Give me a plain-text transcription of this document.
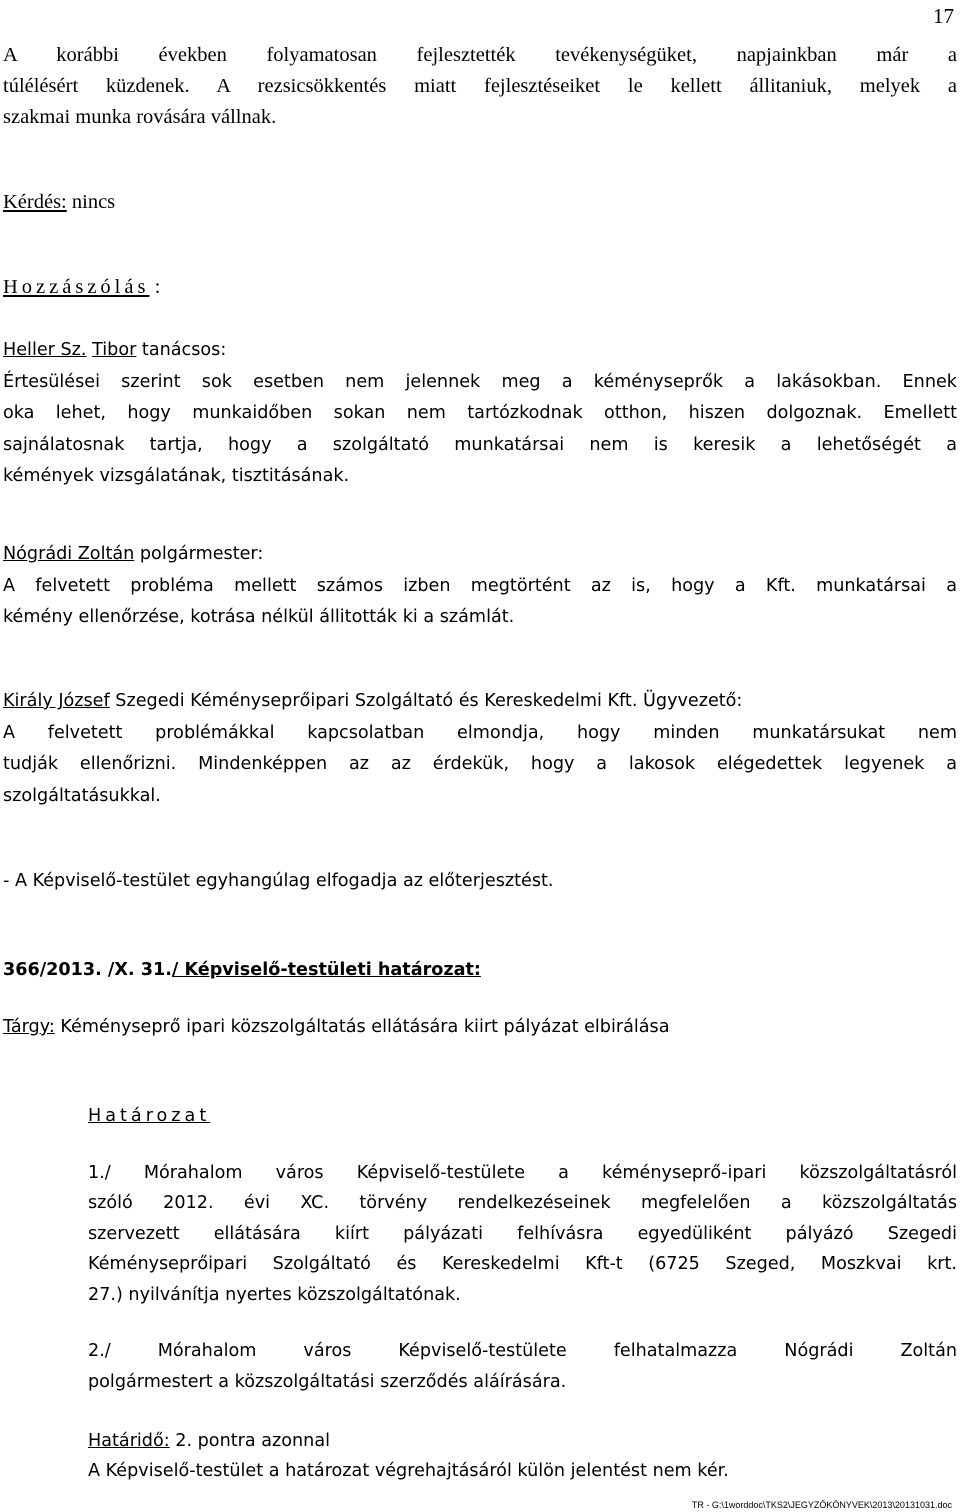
17
A korábbi években folyamatosan fejlesztették tevékenységüket, napjainkban már a
túlélésért küzdenek. A rezsicsökkentés miatt fejlesztéseiket le kellett állitaniuk, melyek a
szakmai munka rovására vállnak.
Kérdés: nincs
Hozzászólás :
Heller Sz. Tibor tanácsos:
Értesülései szerint sok esetben nem jelennek meg a kéményseprők a lakásokban. Ennek
oka lehet, hogy munkaidőben sokan nem tartózkodnak otthon, hiszen dolgoznak. Emellett
sajnálatosnak tartja, hogy a szolgáltató munkatársai nem is keresik a lehetőségét a
kémények vizsgálatának, tisztitásának.
Nógrádi Zoltán polgármester:
A felvetett probléma mellett számos izben megtörtént az is, hogy a Kft. munkatársai a
kémény ellenőrzése, kotrása nélkül állitották ki a számlát.
Király József Szegedi Kéményseprőipari Szolgáltató és Kereskedelmi Kft. Ügyvezető:
A felvetett problémákkal kapcsolatban elmondja, hogy minden munkatársukat nem
tudják ellenőrizni. Mindenképpen az az érdekük, hogy a lakosok elégedettek legyenek a
szolgáltatásukkal.
- A Képviselő-testület egyhangúlag elfogadja az előterjesztést.
366/2013. /X. 31./ Képviselő-testületi határozat:
Tárgy: Kéményseprő ipari közszolgáltatás ellátására kiirt pályázat elbirálása
Határozat
1./ Mórahalom város Képviselő-testülete a kéményseprő-ipari közszolgáltatásról
szóló 2012. évi XC. törvény rendelkezéseinek megfelelően a közszolgáltatás
szervezett ellátására kiírt pályázati felhívásra egyedüliként pályázó Szegedi
Kéményseprőipari Szolgáltató és Kereskedelmi Kft-t (6725 Szeged, Moszkvai krt.
27.) nyilvánítja nyertes közszolgáltatónak.
2./ Mórahalom város Képviselő-testülete felhatalmazza Nógrádi Zoltán
polgármestert a közszolgáltatási szerződés aláírására.
Határidő: 2. pontra azonnal
A Képviselő-testület a határozat végrehajtásáról külön jelentést nem kér.
TR - G:\1worddoc\TKS2\JEGYZŐKÖNYVEK\2013\20131031.doc
